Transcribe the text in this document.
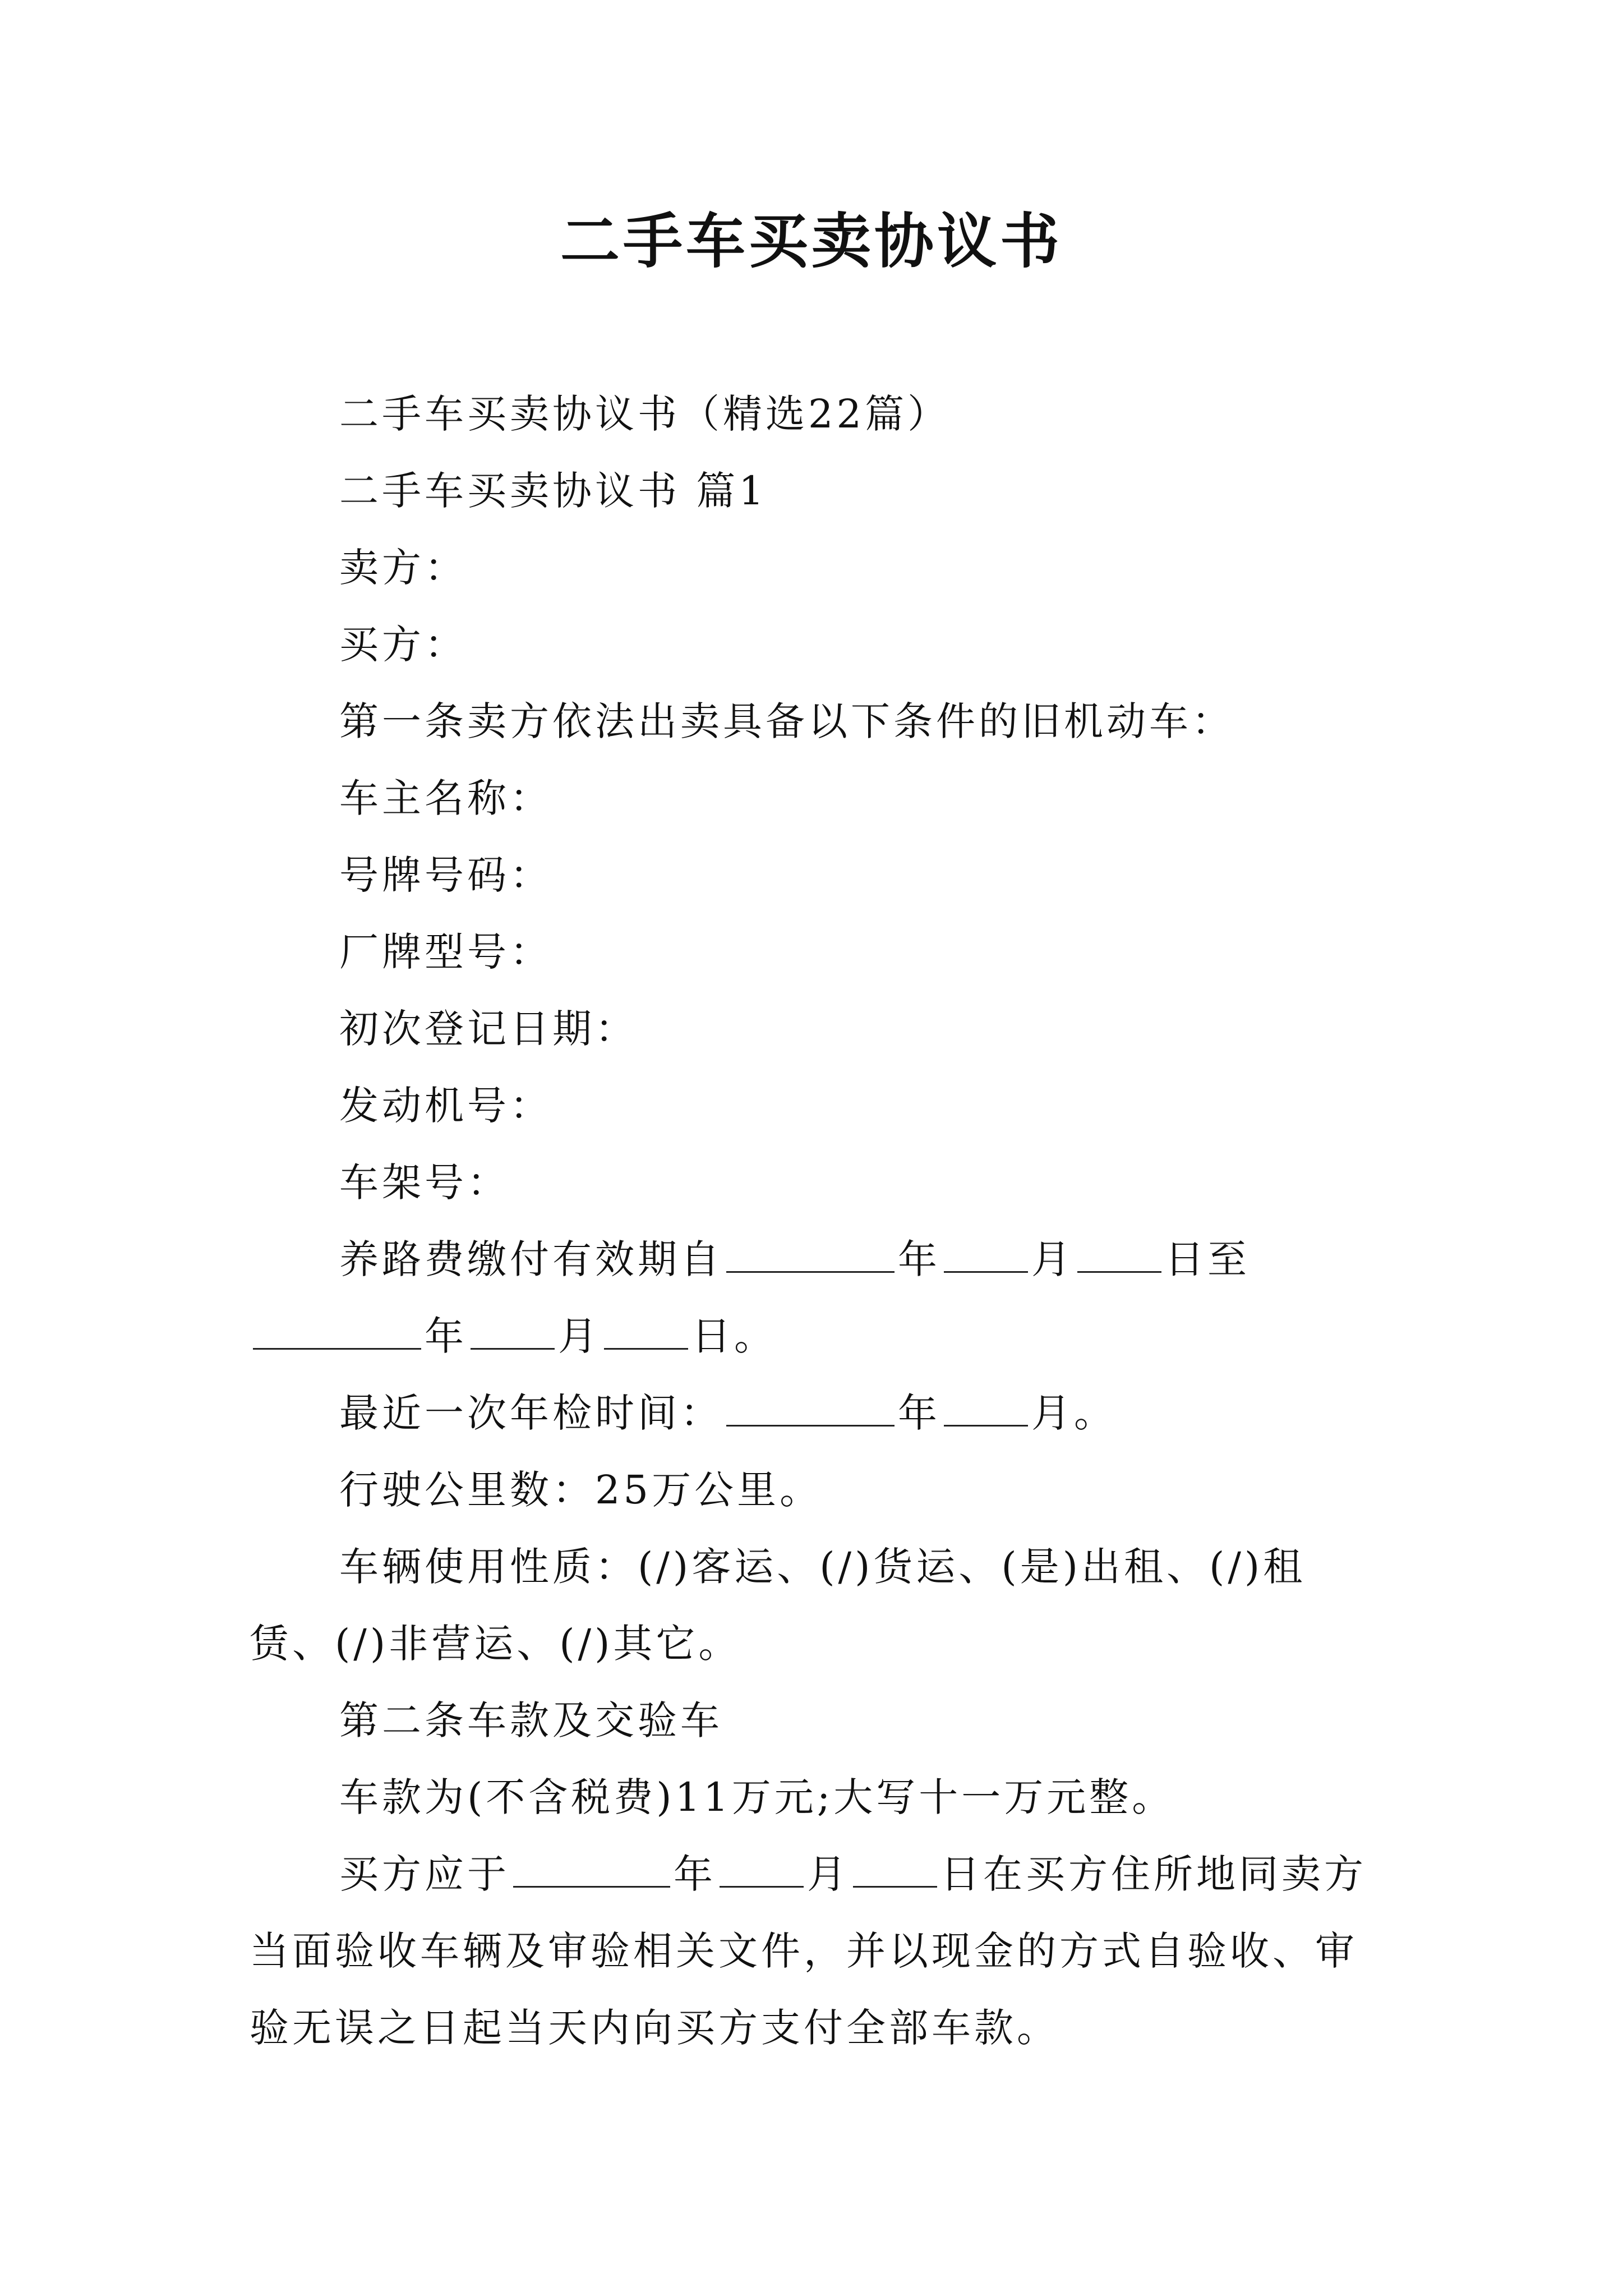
二手车买卖协议书

二手车买卖协议书（精选22篇）

二手车买卖协议书 篇1

卖方：

买方：

第一条卖方依法出卖具备以下条件的旧机动车：

车主名称：

号牌号码：

厂牌型号：

初次登记日期：

发动机号：

车架号：

养路费缴付有效期自	年 月 日至年 月 日。

最近一次年检时间：	年 月。

行驶公里数：25万公里。

车辆使用性质：(/)客运、(/)货运、(是)出租、(/)租赁、(/)非营运、(/)其它。

第二条车款及交验车

车款为(不含税费)11万元;大写十一万元整。

买方应于	年 月 日在买方住所地同卖方当面验收车辆及审验相关文件，并以现金的方式自验收、审验无误之日起当天内向买方支付全部车款。
